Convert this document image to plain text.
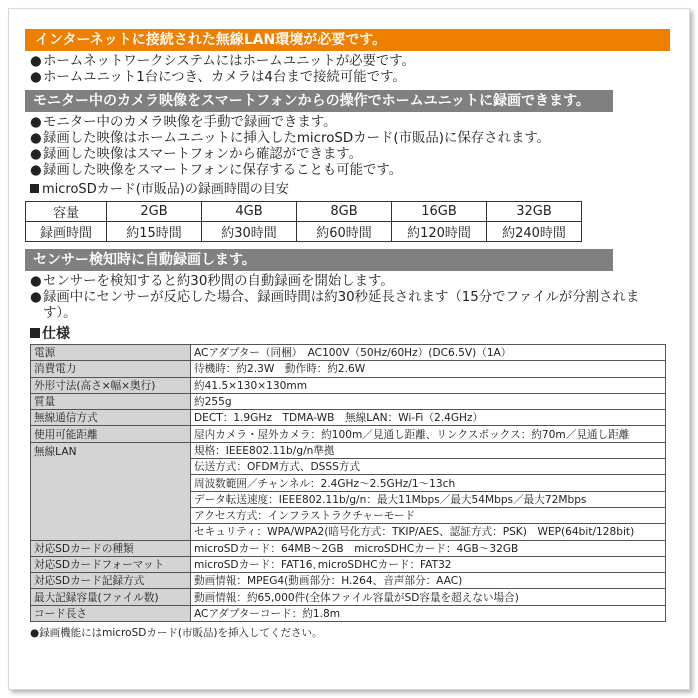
インターネットに接続された無線LAN環境が必要です。
● ホームネットワークシステムにはホームユニットが必要です。
● ホームユニット1台につき、カメラは4台まで接続可能です。
モニター中のカメラ映像をスマートフォンからの操作でホームユニットに録画できます。
● モニター中のカメラ映像を手動で録画できます。
● 録画した映像はホームユニットに挿入したmicroSDカード(市販品)に保存されます。
● 録画した映像はスマートフォンから確認ができます。
● 録画した映像をスマートフォンに保存することも可能です。
microSDカード(市販品)の録画時間の目安
容量	2GB	4GB	8GB	16GB	32GB
録画時間	約15時間	約30時間	約60時間	約120時間	約240時間
センサー検知時に自動録画します。
● センサーを検知すると約30秒間の自動録画を開始します。
● 録画中にセンサーが反応した場合、録画時間は約30秒延長されます（15分でファイルが分割されます）。
仕様
電源	ACアダプター（同梱）　AC100V（50Hz/60Hz）(DC6.5V)（1A）
消費電力	待機時：約2.3W　動作時：約2.6W
外形寸法(高さ×幅×奥行)	約41.5×130×130mm
質量	約255g
無線通信方式	DECT：1.9GHz　TDMA-WB　無線LAN：Wi-Fi（2.4GHz）
使用可能距離	屋内カメラ・屋外カメラ：約100m／見通し距離、リンクスボックス：約70m／見通し距離
無線LAN	規格：IEEE802.11b/g/n準拠
	伝送方式：OFDM方式、DSSS方式
	周波数範囲／チャンネル：2.4GHz〜2.5GHz/1〜13ch
	データ転送速度：IEEE802.11b/g/n：最大11Mbps／最大54Mbps／最大72Mbps
	アクセス方式：インフラストラクチャーモード
	セキュリティ：WPA/WPA2(暗号化方式：TKIP/AES、認証方式：PSK)　WEP(64bit/128bit)
対応SDカードの種類	microSDカード：64MB〜2GB　microSDHCカード：4GB〜32GB
対応SDカードフォーマット	microSDカード：FAT16､microSDHCカード：FAT32
対応SDカード記録方式	動画情報：MPEG4(動画部分：H.264、音声部分：AAC)
最大記録容量(ファイル数)	動画情報：約65,000件(全体ファイル容量がSD容量を超えない場合)
コード長さ	ACアダプターコード：約1.8m
●録画機能にはmicroSDカード(市販品)を挿入してください。
